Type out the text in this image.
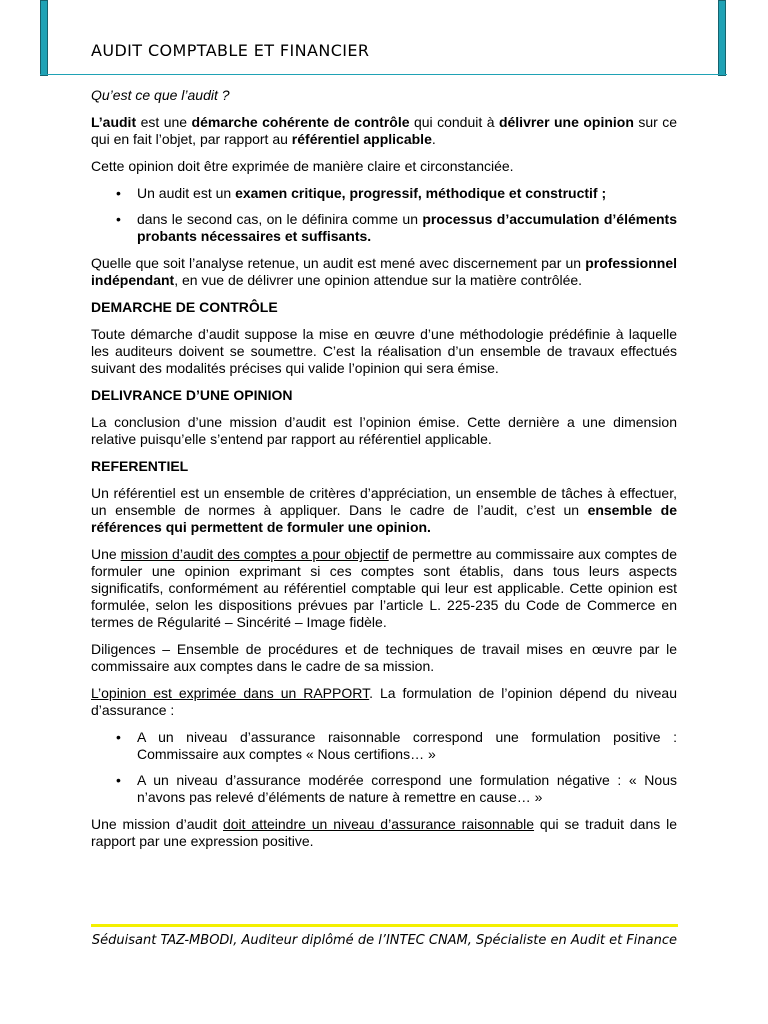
AUDIT COMPTABLE ET FINANCIER

Qu’est ce que l’audit ?

L’audit est une démarche cohérente de contrôle qui conduit à délivrer une opinion sur ce qui en fait l’objet, par rapport au référentiel applicable.

Cette opinion doit être exprimée de manière claire et circonstanciée.

• Un audit est un examen critique, progressif, méthodique et constructif ;
• dans le second cas, on le définira comme un processus d’accumulation d’éléments probants nécessaires et suffisants.

Quelle que soit l’analyse retenue, un audit est mené avec discernement par un professionnel indépendant, en vue de délivrer une opinion attendue sur la matière contrôlée.

DEMARCHE DE CONTRÔLE

Toute démarche d’audit suppose la mise en œuvre d’une méthodologie prédéfinie à laquelle les auditeurs doivent se soumettre. C’est la réalisation d’un ensemble de travaux effectués suivant des modalités précises qui valide l’opinion qui sera émise.

DELIVRANCE D’UNE OPINION

La conclusion d’une mission d’audit est l’opinion émise. Cette dernière a une dimension relative puisqu’elle s’entend par rapport au référentiel applicable.

REFERENTIEL

Un référentiel est un ensemble de critères d’appréciation, un ensemble de tâches à effectuer, un ensemble de normes à appliquer. Dans le cadre de l’audit, c’est un ensemble de références qui permettent de formuler une opinion.

Une mission d’audit des comptes a pour objectif de permettre au commissaire aux comptes de formuler une opinion exprimant si ces comptes sont établis, dans tous leurs aspects significatifs, conformément au référentiel comptable qui leur est applicable. Cette opinion est formulée, selon les dispositions prévues par l’article L. 225-235 du Code de Commerce en termes de Régularité – Sincérité – Image fidèle.

Diligences – Ensemble de procédures et de techniques de travail mises en œuvre par le commissaire aux comptes dans le cadre de sa mission.

L’opinion est exprimée dans un RAPPORT. La formulation de l’opinion dépend du niveau d’assurance :

• A un niveau d’assurance raisonnable correspond une formulation positive : Commissaire aux comptes « Nous certifions… »
• A un niveau d’assurance modérée correspond une formulation négative : « Nous n’avons pas relevé d’éléments de nature à remettre en cause… »

Une mission d’audit doit atteindre un niveau d’assurance raisonnable qui se traduit dans le rapport par une expression positive.

Séduisant TAZ-MBODI, Auditeur diplômé de l’INTEC CNAM, Spécialiste en Audit et Finance
